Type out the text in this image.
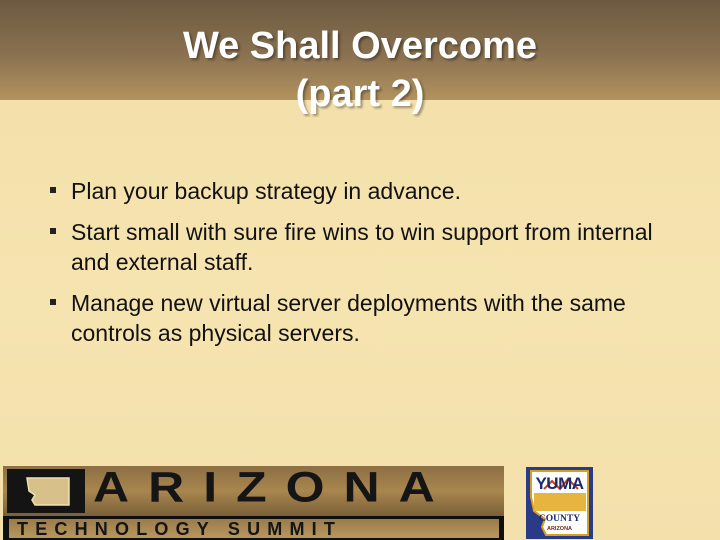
We Shall Overcome
(part 2)
Plan your backup strategy in advance.
Start small with sure fire wins to win support from internal and external staff.
Manage new virtual server deployments with the same controls as physical servers.
ARIZONA
TECHNOLOGY SUMMIT
YUMA
COUNTY
ARIZONA
